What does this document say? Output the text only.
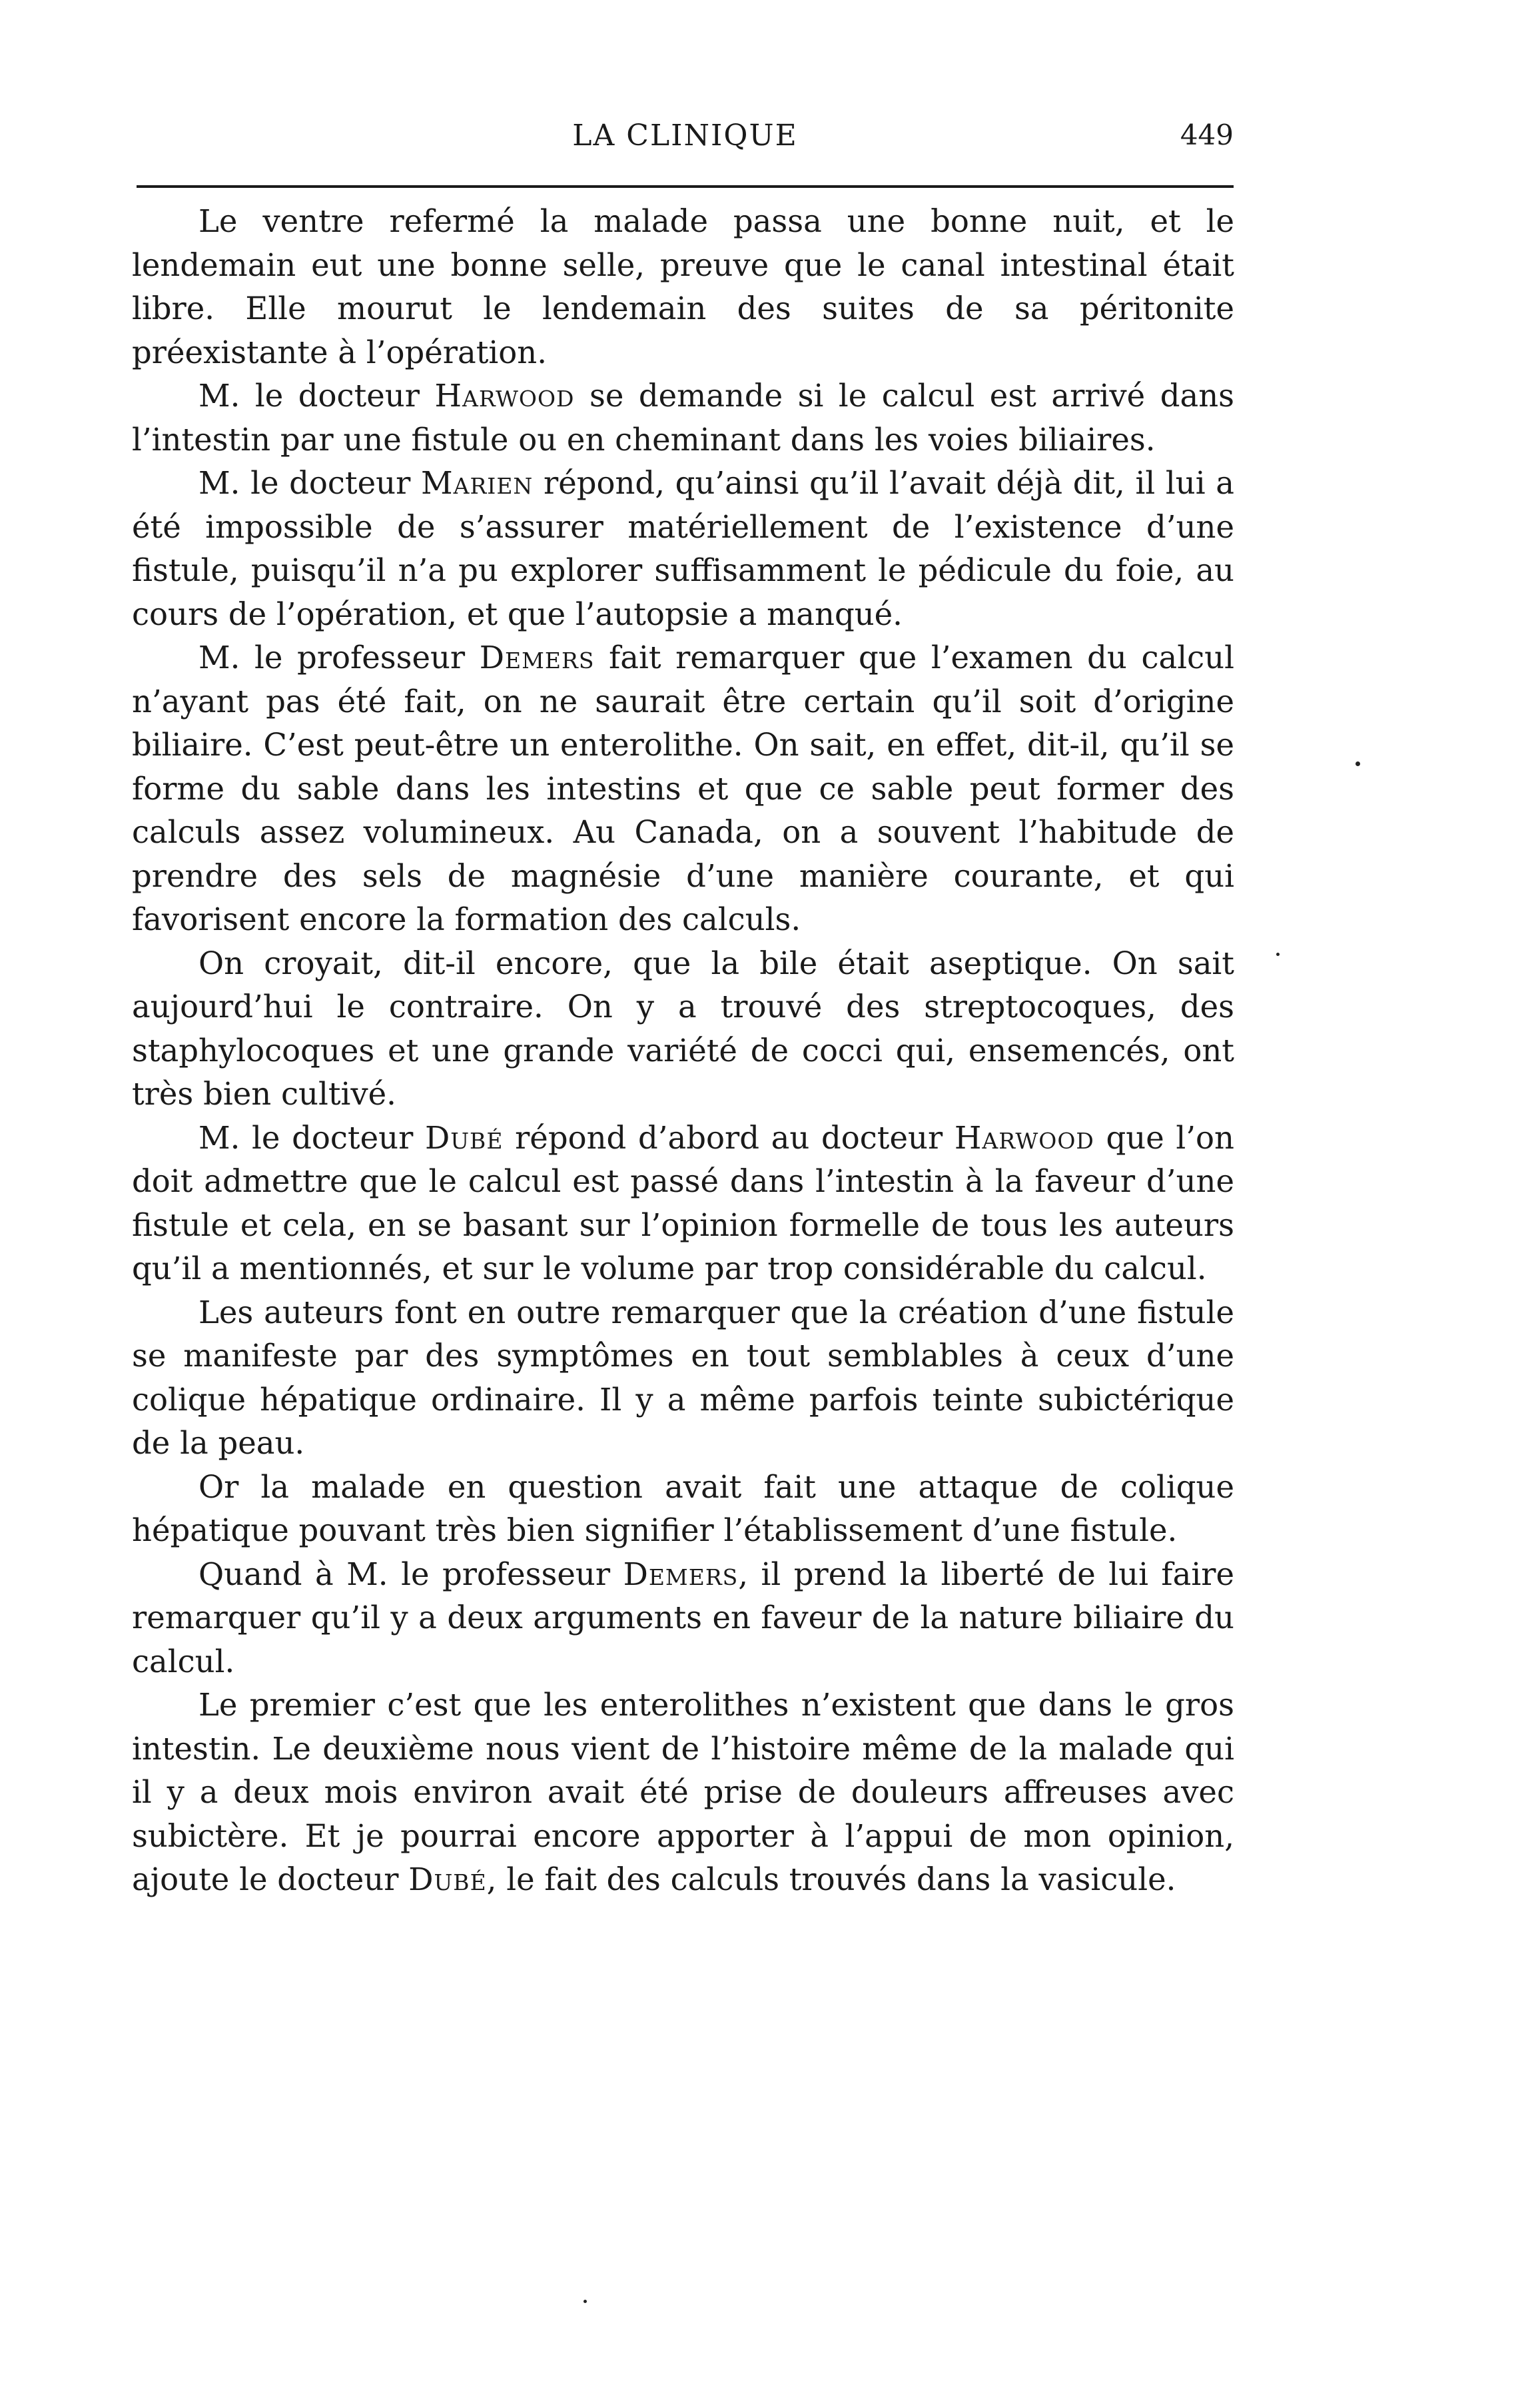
LA CLINIQUE	449

Le ventre refermé la malade passa une bonne nuit, et le lendemain eut une bonne selle, preuve que le canal intestinal était libre. Elle mourut le lendemain des suites de sa péritonite préexistante à l’opération.

M. le docteur Harwood se demande si le calcul est arrivé dans l’intestin par une fistule ou en cheminant dans les voies biliaires.

M. le docteur Marien répond, qu’ainsi qu’il l’avait déjà dit, il lui a été impossible de s’assurer matériellement de l’existence d’une fistule, puisqu’il n’a pu explorer suffisamment le pédicule du foie, au cours de l’opération, et que l’autopsie a manqué.

M. le professeur Demers fait remarquer que l’examen du calcul n’ayant pas été fait, on ne saurait être certain qu’il soit d’origine biliaire. C’est peut-être un enterolithe. On sait, en effet, dit-il, qu’il se forme du sable dans les intestins et que ce sable peut former des calculs assez volumineux. Au Canada, on a souvent l’habitude de prendre des sels de magnésie d’une manière courante, et qui favorisent encore la formation des calculs.

On croyait, dit-il encore, que la bile était aseptique. On sait aujourd’hui le contraire. On y a trouvé des streptocoques, des staphylocoques et une grande variété de cocci qui, ensemencés, ont très bien cultivé.

M. le docteur Dubé répond d’abord au docteur Harwood que l’on doit admettre que le calcul est passé dans l’intestin à la faveur d’une fistule et cela, en se basant sur l’opinion formelle de tous les auteurs qu’il a mentionnés, et sur le volume par trop considérable du calcul.

Les auteurs font en outre remarquer que la création d’une fistule se manifeste par des symptômes en tout semblables à ceux d’une colique hépatique ordinaire. Il y a même parfois teinte subictérique de la peau.

Or la malade en question avait fait une attaque de colique hépatique pouvant très bien signifier l’établissement d’une fistule.

Quand à M. le professeur Demers, il prend la liberté de lui faire remarquer qu’il y a deux arguments en faveur de la nature biliaire du calcul.

Le premier c’est que les enterolithes n’existent que dans le gros intestin. Le deuxième nous vient de l’histoire même de la malade qui il y a deux mois environ avait été prise de douleurs affreuses avec subictère. Et je pourrai encore apporter à l’appui de mon opinion, ajoute le docteur Dubé, le fait des calculs trouvés dans la vasicule.
